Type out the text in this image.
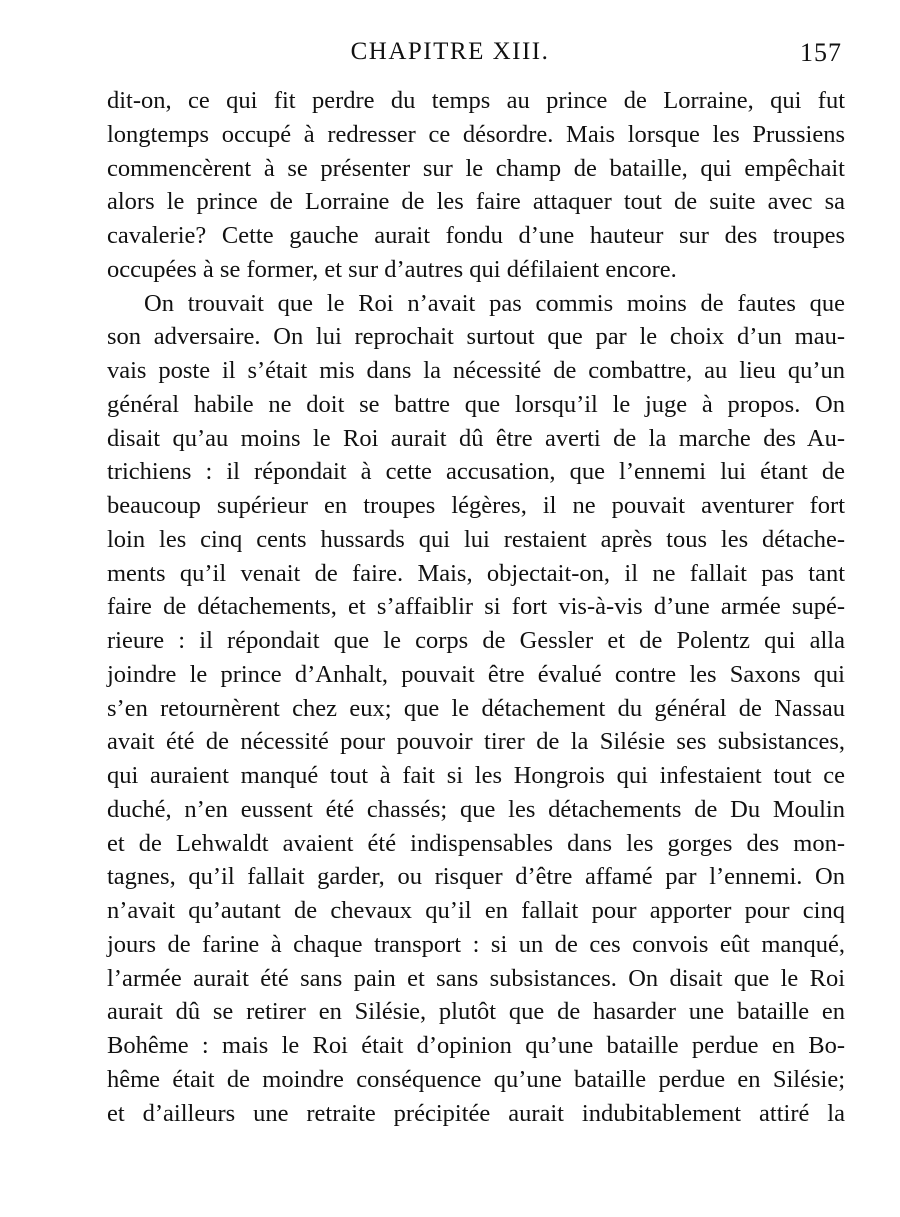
CHAPITRE XIII.	157
dit-on, ce qui fit perdre du temps au prince de Lorraine, qui fut
longtemps occupé à redresser ce désordre. Mais lorsque les Prussiens
commencèrent à se présenter sur le champ de bataille, qui empêchait
alors le prince de Lorraine de les faire attaquer tout de suite avec sa
cavalerie? Cette gauche aurait fondu d’une hauteur sur des troupes
occupées à se former, et sur d’autres qui défilaient encore.
On trouvait que le Roi n’avait pas commis moins de fautes que
son adversaire. On lui reprochait surtout que par le choix d’un mau-
vais poste il s’était mis dans la nécessité de combattre, au lieu qu’un
général habile ne doit se battre que lorsqu’il le juge à propos. On
disait qu’au moins le Roi aurait dû être averti de la marche des Au-
trichiens : il répondait à cette accusation, que l’ennemi lui étant de
beaucoup supérieur en troupes légères, il ne pouvait aventurer fort
loin les cinq cents hussards qui lui restaient après tous les détache-
ments qu’il venait de faire. Mais, objectait-on, il ne fallait pas tant
faire de détachements, et s’affaiblir si fort vis-à-vis d’une armée supé-
rieure : il répondait que le corps de Gessler et de Polentz qui alla
joindre le prince d’Anhalt, pouvait être évalué contre les Saxons qui
s’en retournèrent chez eux; que le détachement du général de Nassau
avait été de nécessité pour pouvoir tirer de la Silésie ses subsistances,
qui auraient manqué tout à fait si les Hongrois qui infestaient tout ce
duché, n’en eussent été chassés; que les détachements de Du Moulin
et de Lehwaldt avaient été indispensables dans les gorges des mon-
tagnes, qu’il fallait garder, ou risquer d’être affamé par l’ennemi. On
n’avait qu’autant de chevaux qu’il en fallait pour apporter pour cinq
jours de farine à chaque transport : si un de ces convois eût manqué,
l’armée aurait été sans pain et sans subsistances. On disait que le Roi
aurait dû se retirer en Silésie, plutôt que de hasarder une bataille en
Bohême : mais le Roi était d’opinion qu’une bataille perdue en Bo-
hême était de moindre conséquence qu’une bataille perdue en Silésie;
et d’ailleurs une retraite précipitée aurait indubitablement attiré la
